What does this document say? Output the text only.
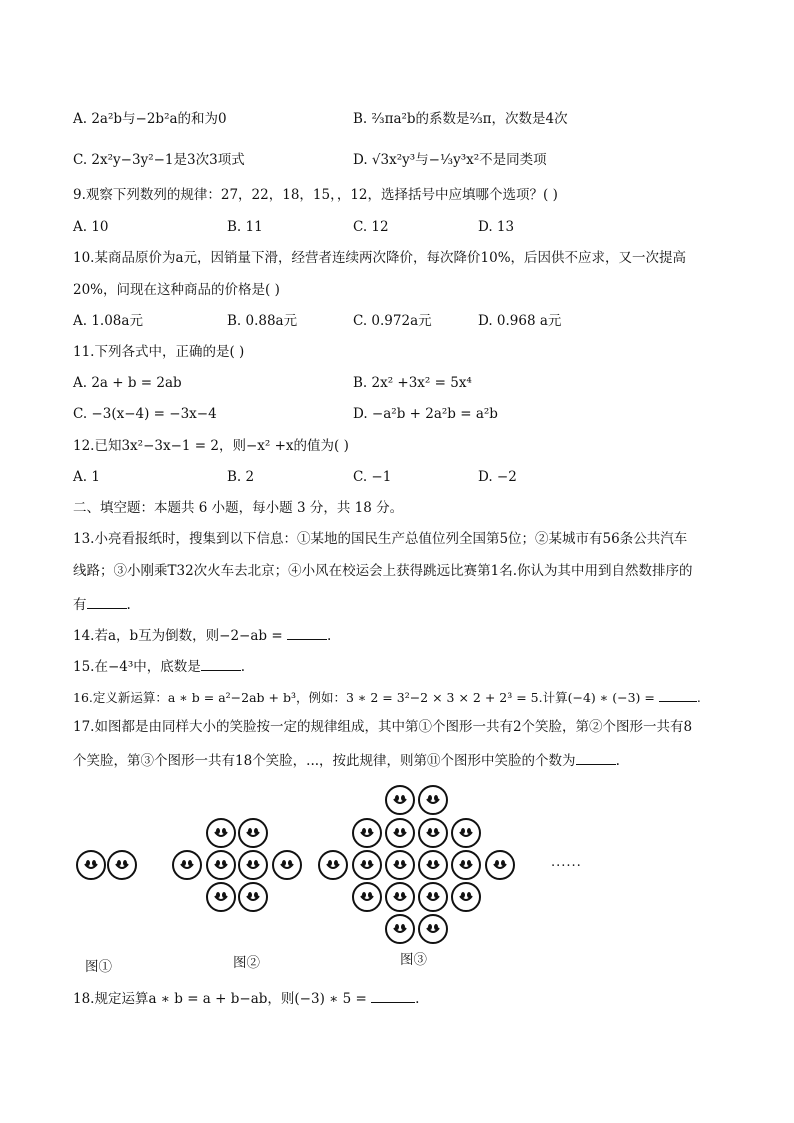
A. 2a²b与−2b²a的和为0	B. ²⁄₃πa²b的系数是²⁄₃π，次数是4次
C. 2x²y−3y²−1是3次3项式	D. √3x²y³与−¹⁄₃y³x²不是同类项
9.观察下列数列的规律：27，22，18，15，，12，选择括号中应填哪个选项？( )
A. 10	B. 11	C. 12	D. 13
10.某商品原价为a元，因销量下滑，经营者连续两次降价，每次降价10%，后因供不应求，又一次提高
20%，问现在这种商品的价格是( )
A. 1.08a元	B. 0.88a元	C. 0.972a元	D. 0.968 a元
11.下列各式中，正确的是( )
A. 2a + b = 2ab	B. 2x² +3x² = 5x⁴
C. −3(x−4) = −3x−4	D. −a²b + 2a²b = a²b
12.已知3x²−3x−1 = 2，则−x² +x的值为( )
A. 1	B. 2	C. −1	D. −2
二、填空题：本题共 6 小题，每小题 3 分，共 18 分。
13.小亮看报纸时，搜集到以下信息：①某地的国民生产总值位列全国第5位；②某城市有56条公共汽车
线路；③小刚乘T32次火车去北京；④小风在校运会上获得跳远比赛第1名.你认为其中用到自然数排序的
有	.
14.若a，b互为倒数，则−2−ab =	.
15.在−4³中，底数是	.
16.定义新运算：a ∗ b = a²−2ab + b³，例如：3 ∗ 2 = 3²−2 × 3 × 2 + 2³ = 5.计算(−4) ∗ (−3) =	.
17.如图都是由同样大小的笑脸按一定的规律组成，其中第①个图形一共有2个笑脸，第②个图形一共有8
个笑脸，第③个图形一共有18个笑脸，...，按此规律，则第⑪个图形中笑脸的个数为	.
图①	图②	图③
......
18.规定运算a ∗ b = a + b−ab，则(−3) ∗ 5 =	.
